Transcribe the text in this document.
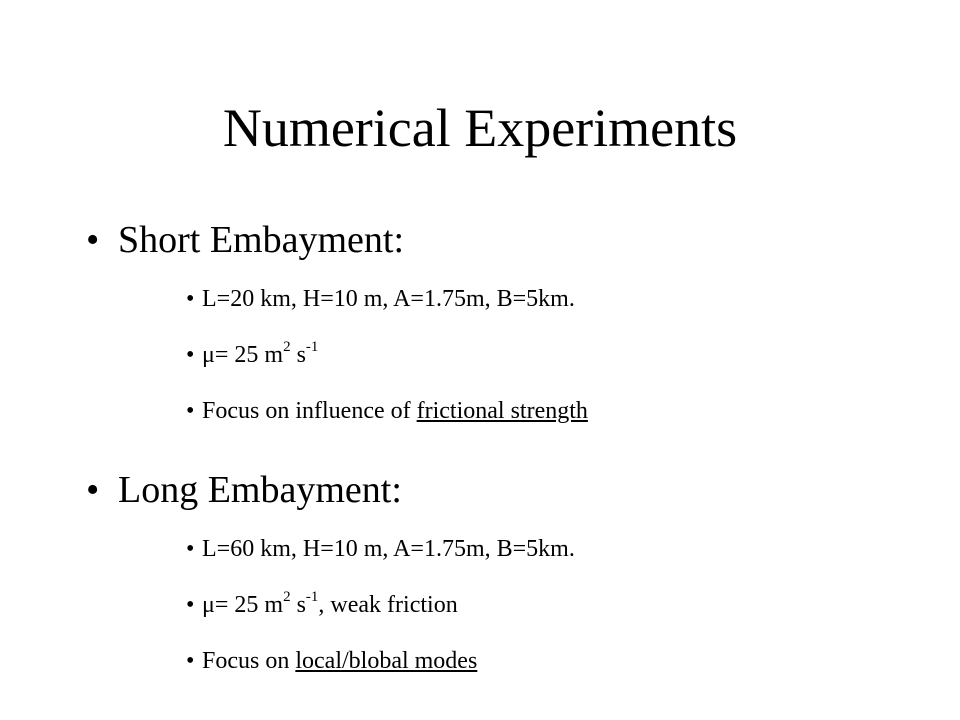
Numerical Experiments
• Short Embayment:
• L=20 km, H=10 m, A=1.75m, B=5km.
• μ= 25 $m^2$ $s^{-1}$
• Focus on influence of frictional strength
• Long Embayment:
• L=60 km, H=10 m, A=1.75m, B=5km.
• μ= 25 $m^2$ $s^{-1}$, weak friction
• Focus on local/blobal modes
